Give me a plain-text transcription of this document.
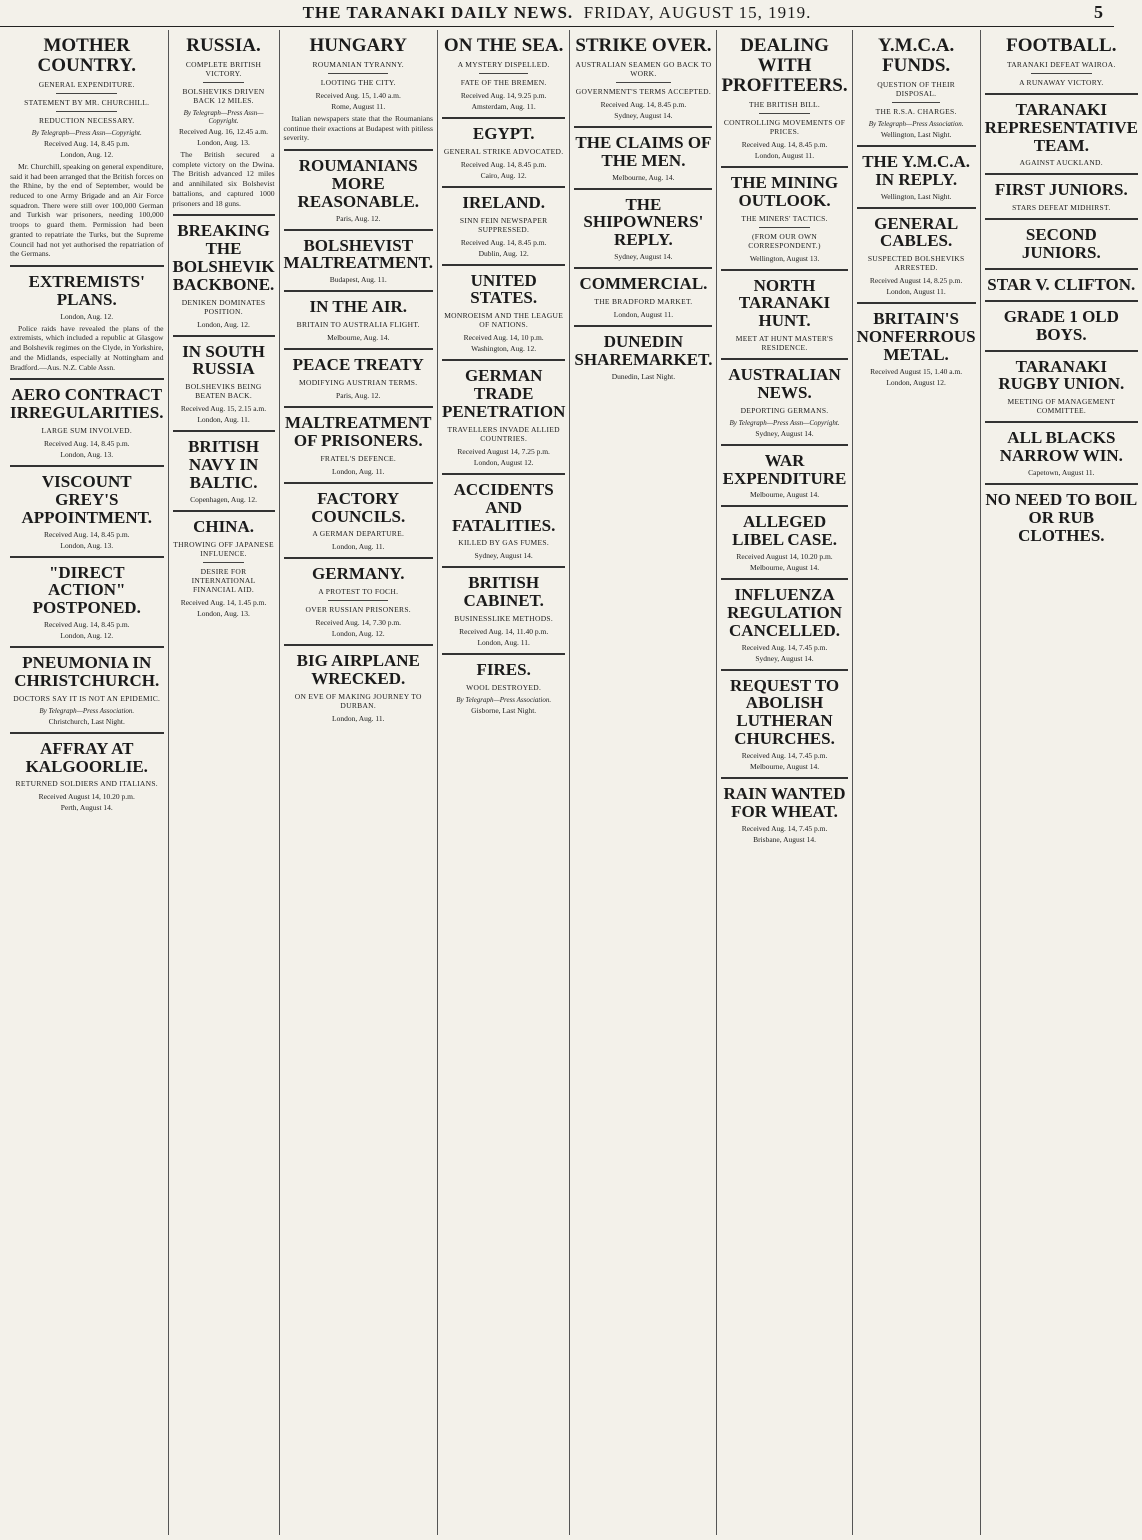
THE TARANAKI DAILY NEWS.
FRIDAY, AUGUST 15, 1919.	5
MOTHER COUNTRY.
GENERAL EXPENDITURE.
STATEMENT BY MR. CHURCHILL.
REDUCTION NECESSARY.
By Telegraph—Press Assn—Copyright.
Received Aug. 14, 8.45 p.m.
London, Aug. 12.

Mr. Churchill, speaking on general expenditure, said it had been arranged that the British forces on the Rhine, by the end of September, would be reduced to one Army Brigade and an Air Force squadron. There were still over 100,000 German and Turkish war prisoners, needing 100,000 troops to guard them. Permission had been granted to repatriate the Turks, but the Supreme Council had not yet authorised the repatriation of the Germans.

EXTREMISTS' PLANS.
London, Aug. 12.

Police raids have revealed the plans of the extremists, which included a republic at Glasgow and Bolshevik regimes on the Clyde, in Yorkshire, and the Midlands, especially at Nottingham and Bradford.—Aus. N.Z. Cable Assn.

AERO CONTRACT IRREGULARITIES.
LARGE SUM INVOLVED.
Received Aug. 14, 8.45 p.m.
London, Aug. 13.
VISCOUNT GREY'S APPOINTMENT.
Received Aug. 14, 8.45 p.m.
London, Aug. 13.
"DIRECT ACTION" POSTPONED.
Received Aug. 14, 8.45 p.m.
London, Aug. 12.
PNEUMONIA IN CHRISTCHURCH.
DOCTORS SAY IT IS NOT AN EPIDEMIC.
By Telegraph—Press Association.
Christchurch, Last Night.
AFFRAY AT KALGOORLIE.
RETURNED SOLDIERS AND ITALIANS.
Received August 14, 10.20 p.m.
Perth, August 14.
RUSSIA.
COMPLETE BRITISH VICTORY.
BOLSHEVIKS DRIVEN BACK 12 MILES.
By Telegraph—Press Assn—Copyright.
Received Aug. 16, 12.45 a.m.
London, Aug. 13.

The British secured a complete victory on the Dwina. The British advanced 12 miles and annihilated six Bolshevist battalions, and captured 1000 prisoners and 18 guns.

BREAKING THE BOLSHEVIK BACKBONE.
DENIKEN DOMINATES POSITION.
London, Aug. 12.
IN SOUTH RUSSIA
BOLSHEVIKS BEING BEATEN BACK.
Received Aug. 15, 2.15 a.m.
London, Aug. 11.
BRITISH NAVY IN BALTIC.
Copenhagen, Aug. 12.
CHINA.
THROWING OFF JAPANESE INFLUENCE.
DESIRE FOR INTERNATIONAL FINANCIAL AID.
Received Aug. 14, 1.45 p.m.
London, Aug. 13.
HUNGARY
ROUMANIAN TYRANNY.
LOOTING THE CITY.
Received Aug. 15, 1.40 a.m.
Rome, August 11.

Italian newspapers state that the Roumanians continue their exactions at Budapest with pitiless severity.

ROUMANIANS MORE REASONABLE.
Paris, Aug. 12.
BOLSHEVIST MALTREATMENT.
Budapest, Aug. 11.
IN THE AIR.
BRITAIN TO AUSTRALIA FLIGHT.
Melbourne, Aug. 14.
PEACE TREATY
MODIFYING AUSTRIAN TERMS.
Paris, Aug. 12.
MALTREATMENT OF PRISONERS.
FRATEL'S DEFENCE.
London, Aug. 11.
FACTORY COUNCILS.
A GERMAN DEPARTURE.
London, Aug. 11.
GERMANY.
A PROTEST TO FOCH.
OVER RUSSIAN PRISONERS.
Received Aug. 14, 7.30 p.m.
London, Aug. 12.
BIG AIRPLANE WRECKED.
ON EVE OF MAKING JOURNEY TO DURBAN.
London, Aug. 11.
ON THE SEA.
A MYSTERY DISPELLED.
FATE OF THE BREMEN.
Received Aug. 14, 9.25 p.m.
Amsterdam, Aug. 11.
EGYPT.
GENERAL STRIKE ADVOCATED.
Received Aug. 14, 8.45 p.m.
Cairo, Aug. 12.
IRELAND.
SINN FEIN NEWSPAPER SUPPRESSED.
Received Aug. 14, 8.45 p.m.
Dublin, Aug. 12.
UNITED STATES.
MONROEISM AND THE LEAGUE OF NATIONS.
Received Aug. 14, 10 p.m.
Washington, Aug. 12.
GERMAN TRADE PENETRATION
TRAVELLERS INVADE ALLIED COUNTRIES.
Received August 14, 7.25 p.m.
London, August 12.
ACCIDENTS AND FATALITIES.
KILLED BY GAS FUMES.
Sydney, August 14.
BRITISH CABINET.
BUSINESSLIKE METHODS.
Received Aug. 14, 11.40 p.m.
London, Aug. 11.
FIRES.
WOOL DESTROYED.
By Telegraph—Press Association.
Gisborne, Last Night.
STRIKE OVER.
AUSTRALIAN SEAMEN GO BACK TO WORK.
GOVERNMENT'S TERMS ACCEPTED.
Received Aug. 14, 8.45 p.m.
Sydney, August 14.
THE CLAIMS OF THE MEN.
Melbourne, Aug. 14.
THE SHIPOWNERS' REPLY.
Sydney, August 14.
COMMERCIAL.
THE BRADFORD MARKET.
London, August 11.
DUNEDIN SHAREMARKET.
Dunedin, Last Night.
DEALING WITH PROFITEERS.
THE BRITISH BILL.
CONTROLLING MOVEMENTS OF PRICES.
Received Aug. 14, 8.45 p.m.
London, August 11.
THE MINING OUTLOOK.
THE MINERS' TACTICS.
(FROM OUR OWN CORRESPONDENT.)
Wellington, August 13.
NORTH TARANAKI HUNT.
MEET AT HUNT MASTER'S RESIDENCE.
AUSTRALIAN NEWS.
DEPORTING GERMANS.
By Telegraph—Press Assn—Copyright.
Sydney, August 14.
WAR EXPENDITURE
Melbourne, August 14.
ALLEGED LIBEL CASE.
Received August 14, 10.20 p.m.
Melbourne, August 14.
INFLUENZA REGULATION CANCELLED.
Received Aug. 14, 7.45 p.m.
Sydney, August 14.
REQUEST TO ABOLISH LUTHERAN CHURCHES.
Received Aug. 14, 7.45 p.m.
Melbourne, August 14.
RAIN WANTED FOR WHEAT.
Received Aug. 14, 7.45 p.m.
Brisbane, August 14.
Y.M.C.A. FUNDS.
QUESTION OF THEIR DISPOSAL.
THE R.S.A. CHARGES.
By Telegraph—Press Association.
Wellington, Last Night.
THE Y.M.C.A. IN REPLY.
Wellington, Last Night.
GENERAL CABLES.
SUSPECTED BOLSHEVIKS ARRESTED.
Received August 14, 8.25 p.m.
London, August 11.
BRITAIN'S NONFERROUS METAL.
Received August 15, 1.40 a.m.
London, August 12.
FOOTBALL.
TARANAKI DEFEAT WAIROA.
A RUNAWAY VICTORY.
TARANAKI REPRESENTATIVE TEAM.
AGAINST AUCKLAND.
FIRST JUNIORS.
STARS DEFEAT MIDHIRST.
SECOND JUNIORS.
STAR V. CLIFTON.
GRADE 1 OLD BOYS.
TARANAKI RUGBY UNION.
MEETING OF MANAGEMENT COMMITTEE.
ALL BLACKS NARROW WIN.
Capetown, August 11.
NO NEED TO BOIL OR RUB CLOTHES.
